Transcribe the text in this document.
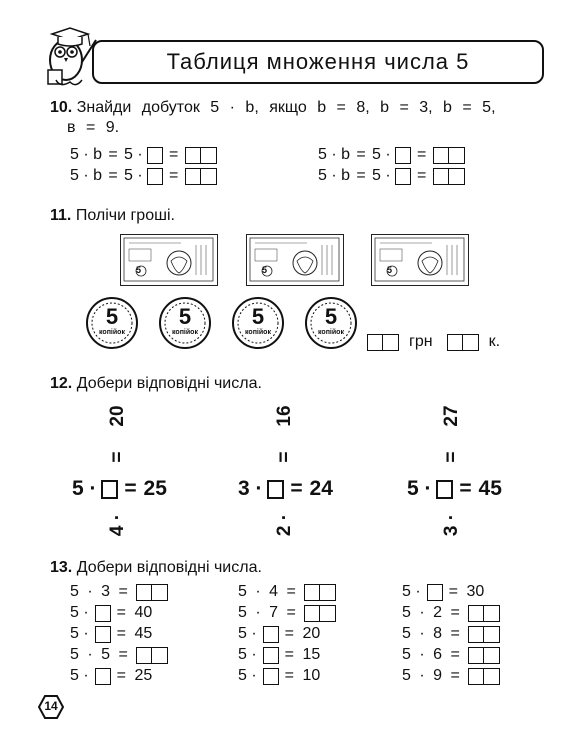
Таблиця множення числа 5
10. Знайди добуток 5 · b, якщо b = 8, b = 3, b = 5,
в = 9.
5 · b = 5 ·	=
5 · b = 5 ·	=
5 · b = 5 ·	=
5 · b = 5 ·	=
11. Полічи гроші.
5	5	5
5
копійок
5
копійок
5
копійок
5
копійок
грн	к.
12. Добери відповідні числа.
20
=
5 ·	= 25
4 ·
16
=
3 ·	= 24
2 ·
27
=
5 ·	= 45
3 ·
13. Добери відповідні числа.
5 · 3 =
5 · = 40
5 · = 45
5 · 5 =
5 · = 25
5 · 4 =
5 · 7 =
5 · = 20
5 · = 15
5 · = 10
5 · = 30
5 · 2 =
5 · 8 =
5 · 6 =
5 · 9 =
14
